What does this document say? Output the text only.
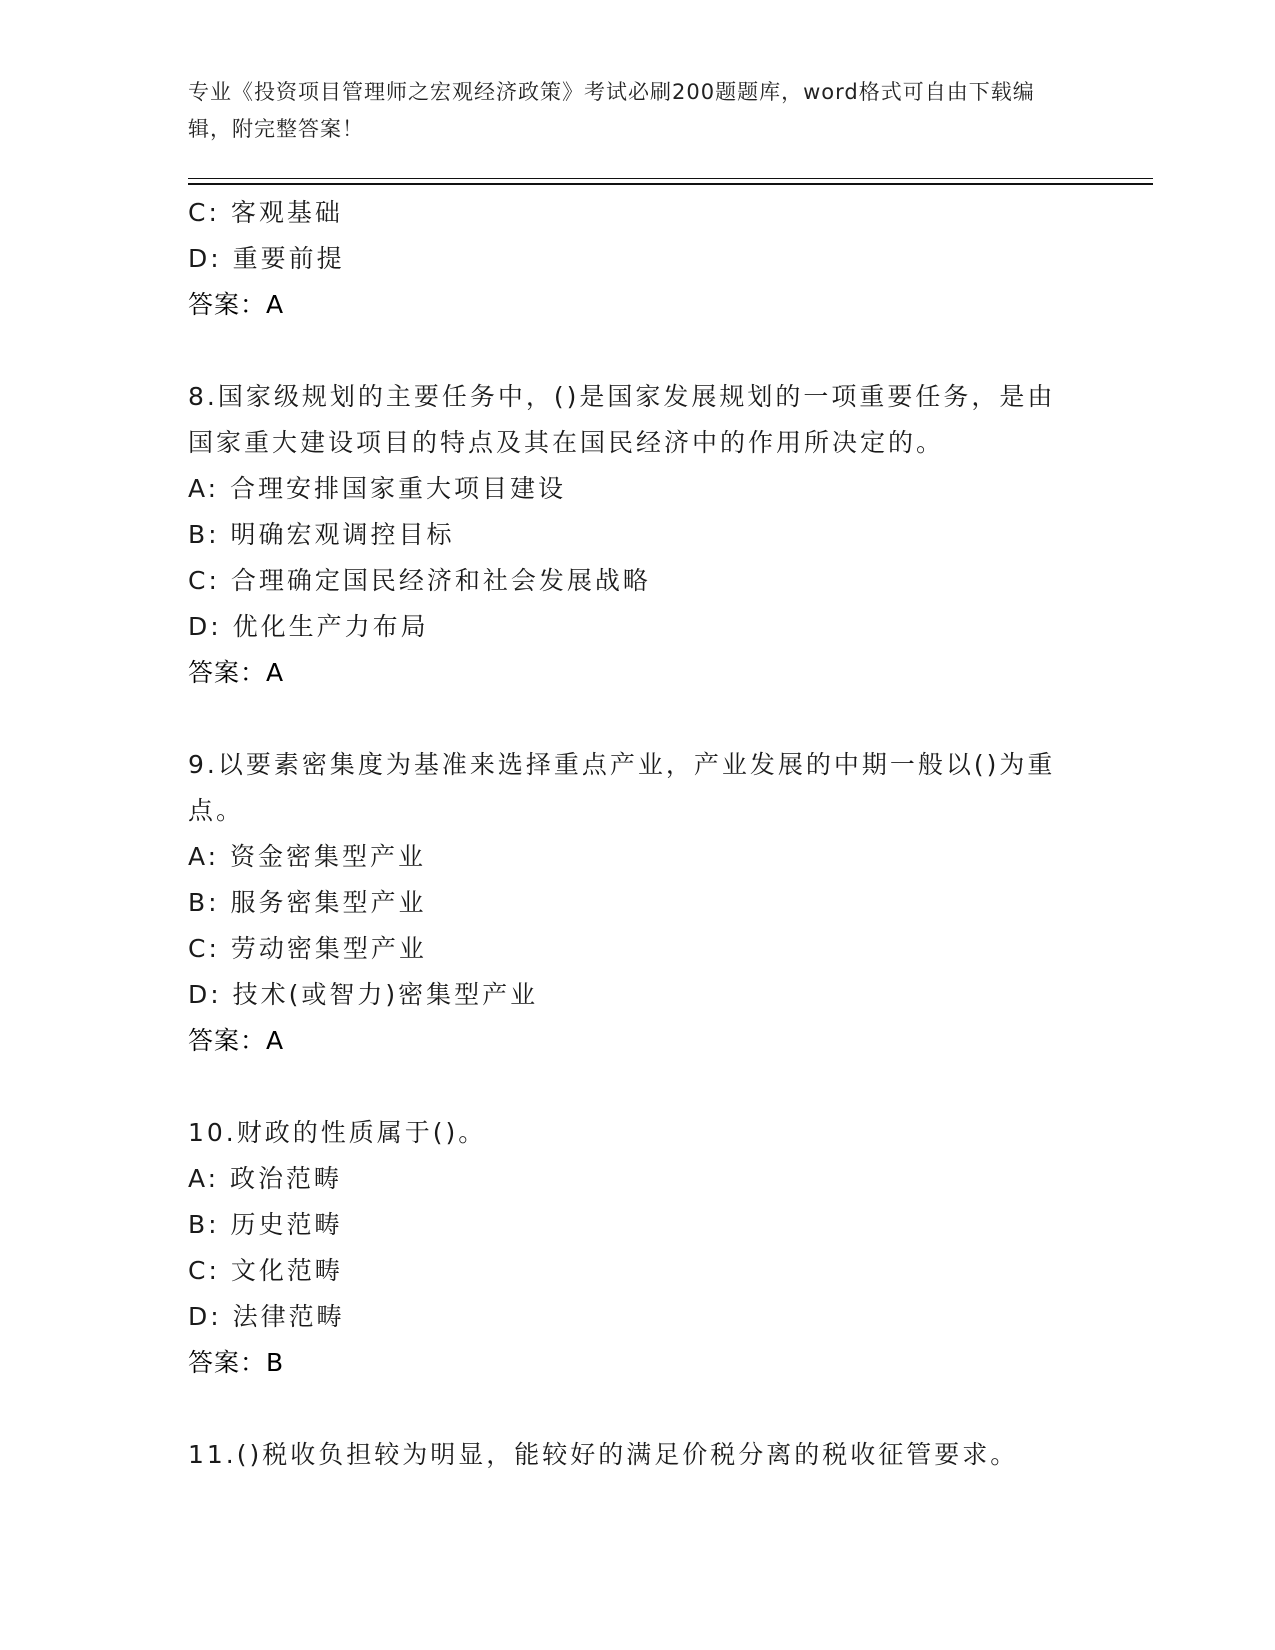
专业《投资项目管理师之宏观经济政策》考试必刷200题题库，word格式可自由下载编辑，附完整答案！
C: 客观基础
D: 重要前提
答案：A
8.国家级规划的主要任务中，()是国家发展规划的一项重要任务，是由国家重大建设项目的特点及其在国民经济中的作用所决定的。
A: 合理安排国家重大项目建设
B: 明确宏观调控目标
C: 合理确定国民经济和社会发展战略
D: 优化生产力布局
答案：A
9.以要素密集度为基准来选择重点产业，产业发展的中期一般以()为重点。
A: 资金密集型产业
B: 服务密集型产业
C: 劳动密集型产业
D: 技术(或智力)密集型产业
答案：A
10.财政的性质属于()。
A: 政治范畴
B: 历史范畴
C: 文化范畴
D: 法律范畴
答案：B
11.()税收负担较为明显，能较好的满足价税分离的税收征管要求。
